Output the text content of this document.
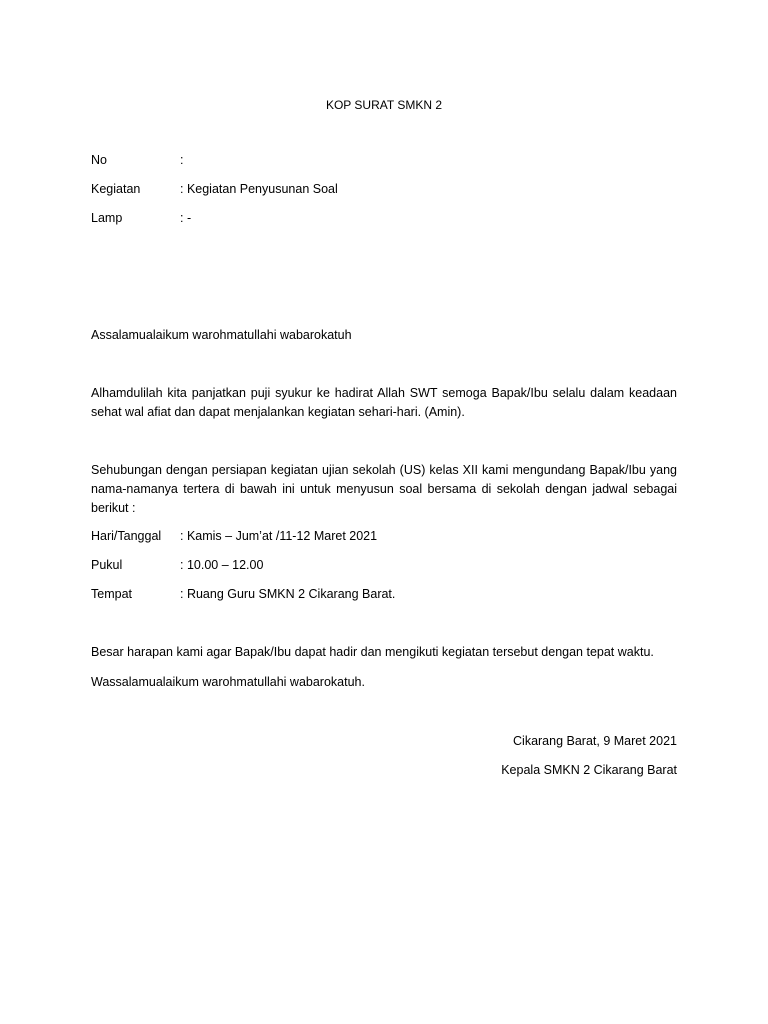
KOP SURAT SMKN 2
No	:
Kegiatan	: Kegiatan Penyusunan Soal
Lamp	: -
Assalamualaikum warohmatullahi wabarokatuh
Alhamdulilah kita panjatkan puji syukur ke hadirat Allah SWT semoga Bapak/Ibu selalu dalam keadaan
sehat wal afiat dan dapat menjalankan kegiatan sehari-hari. (Amin).
Sehubungan dengan persiapan kegiatan ujian sekolah (US) kelas XII kami mengundang Bapak/Ibu yang
nama-namanya tertera di bawah ini untuk menyusun soal bersama di sekolah dengan jadwal sebagai
berikut :
Hari/Tanggal : Kamis – Jum’at /11-12 Maret 2021
Pukul	: 10.00 – 12.00
Tempat	: Ruang Guru SMKN 2 Cikarang Barat.
Besar harapan kami agar Bapak/Ibu dapat hadir dan mengikuti kegiatan tersebut dengan tepat waktu.
Wassalamualaikum warohmatullahi wabarokatuh.
Cikarang Barat, 9 Maret 2021
Kepala SMKN 2 Cikarang Barat
